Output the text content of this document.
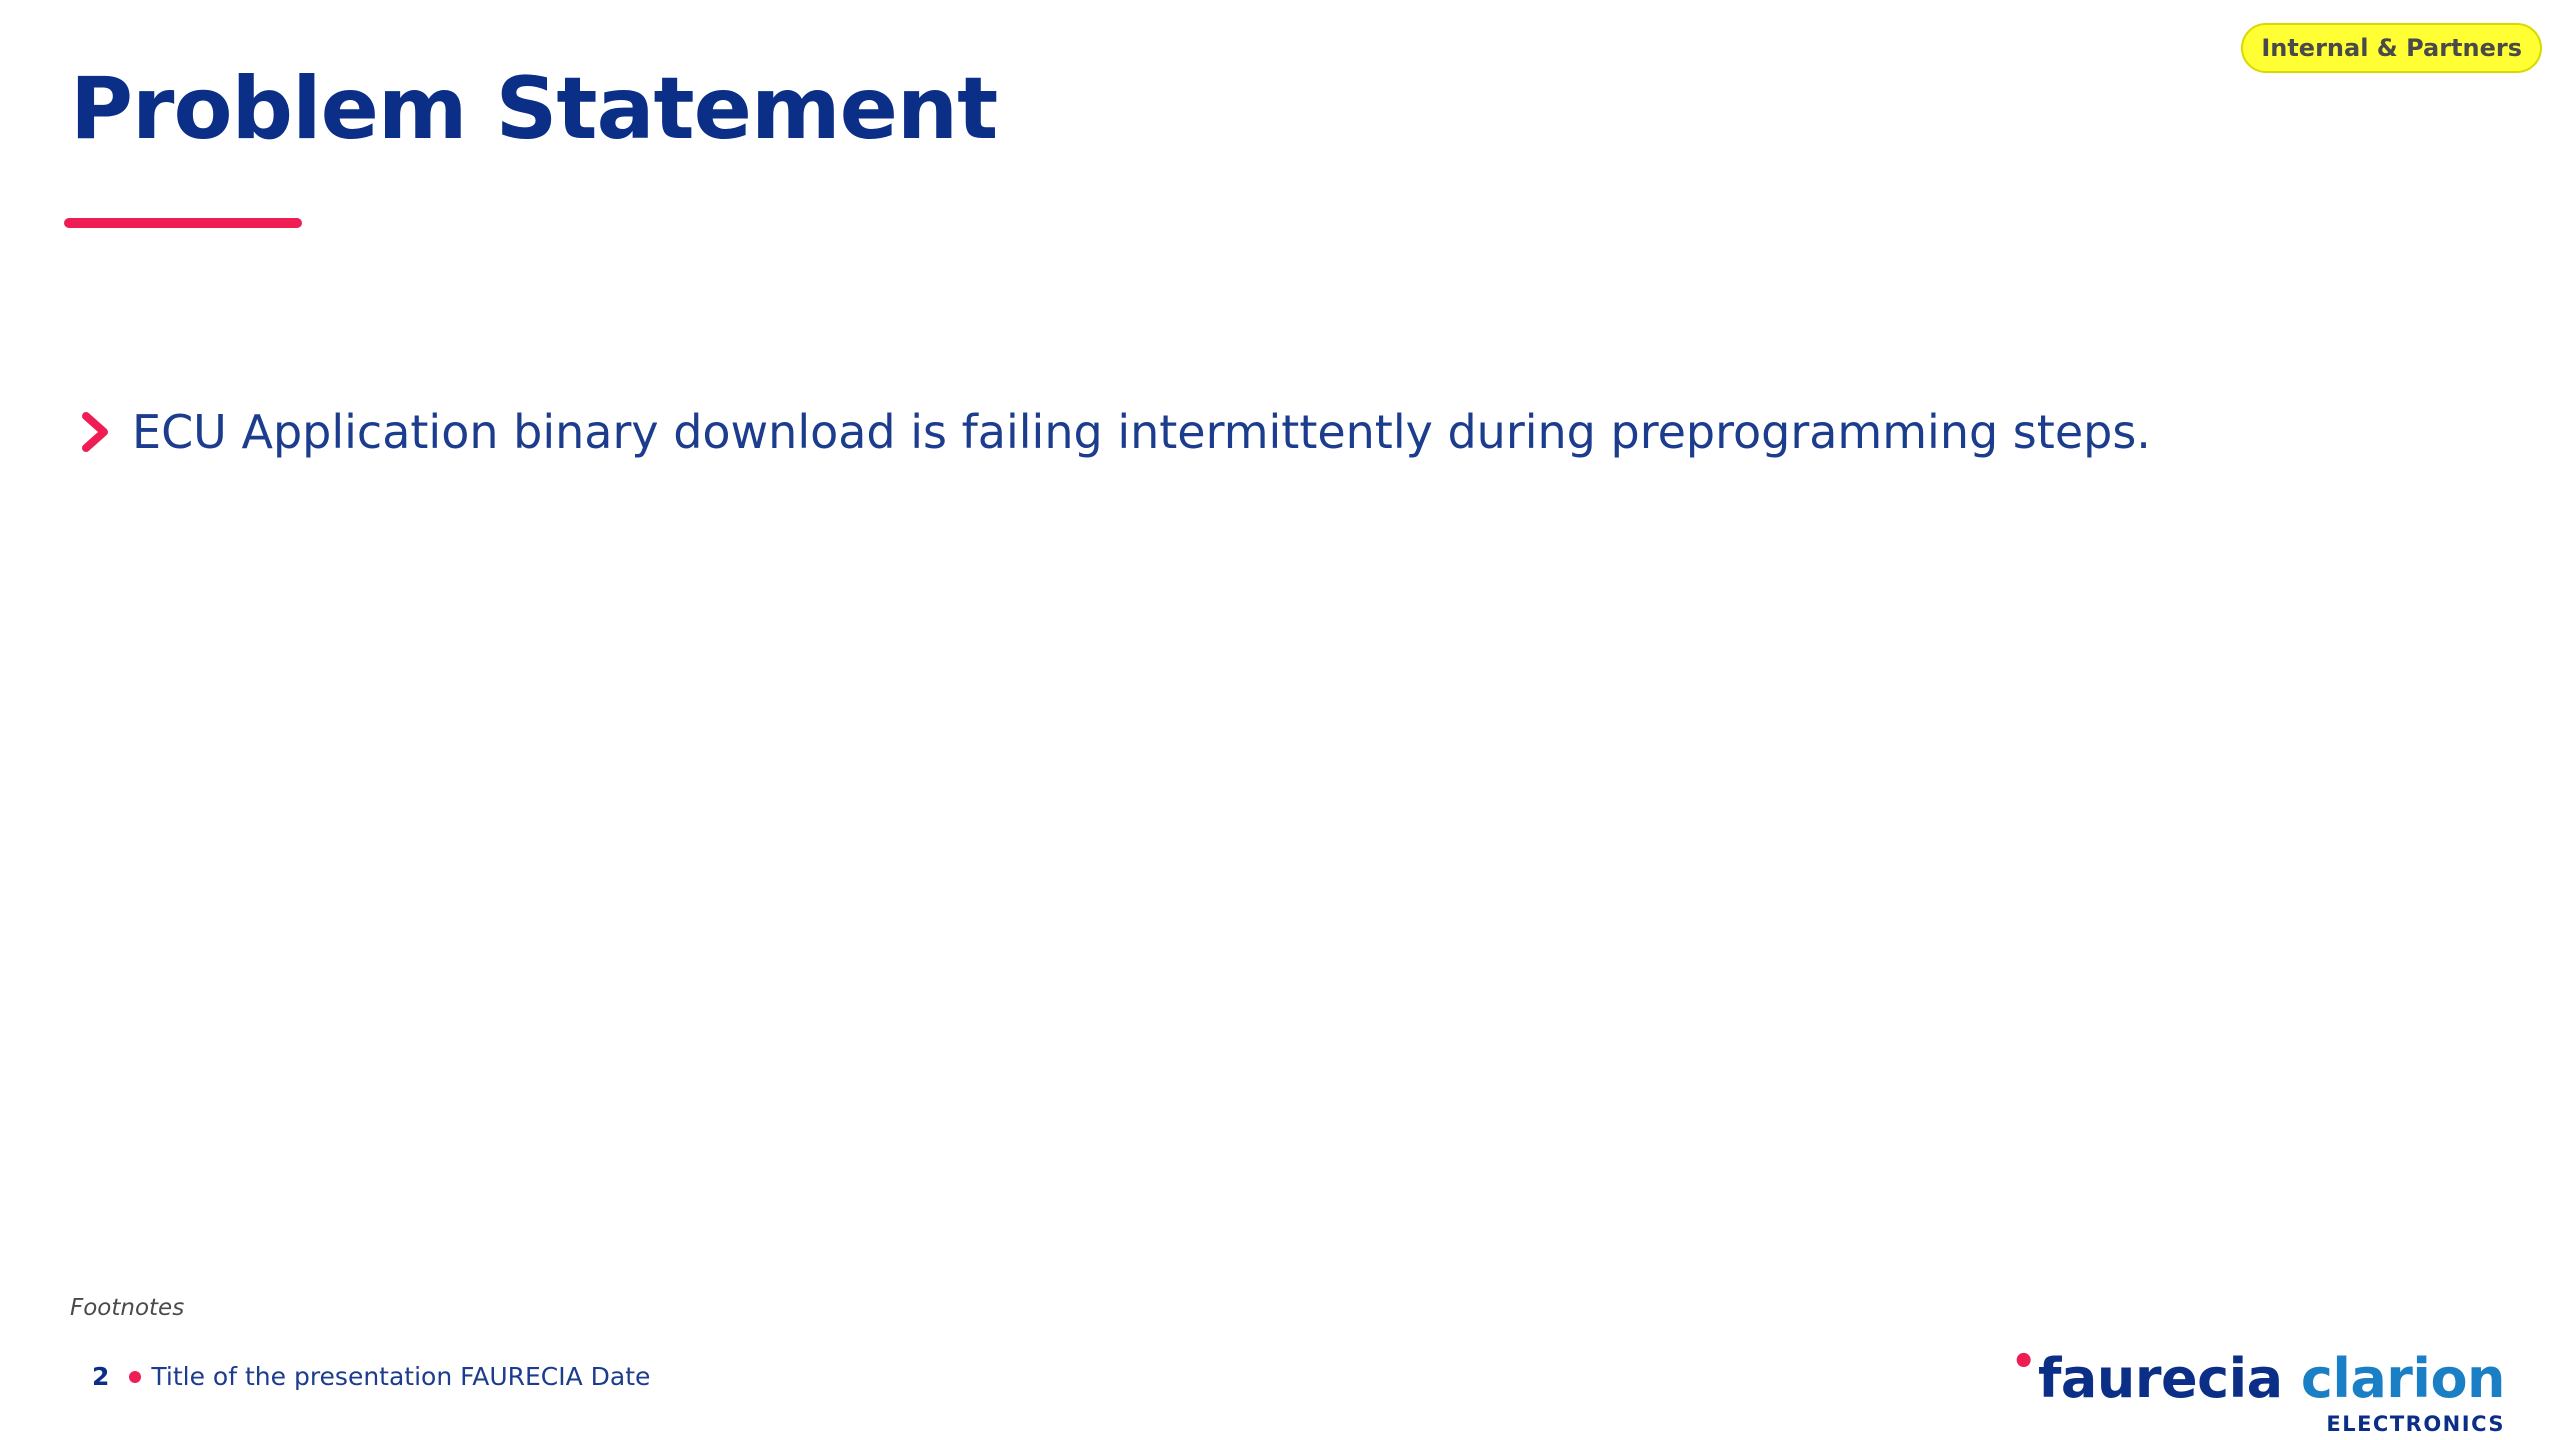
Internal & Partners
Problem Statement
ECU Application binary download is failing intermittently during preprogramming steps.
Footnotes
2 Title of the presentation FAURECIA Date	•faurecia clarion
ELECTRONICS
